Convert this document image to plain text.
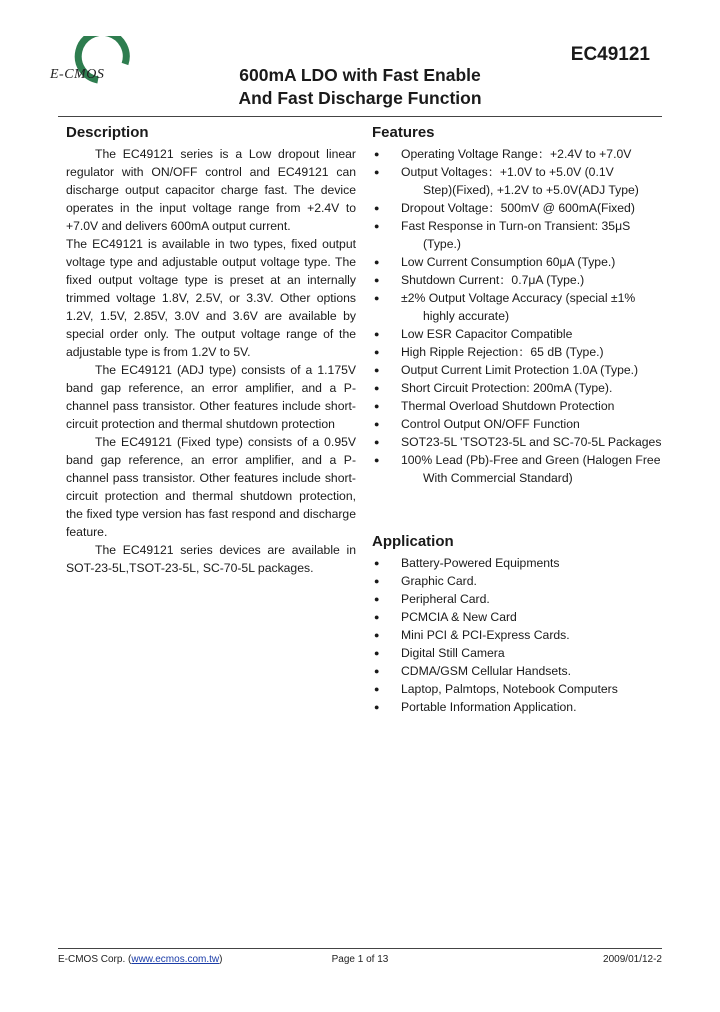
E-CMOS
EC49121
600mA LDO with Fast Enable
And Fast Discharge Function
Description

The EC49121 series is a Low dropout linear regulator with ON/OFF control and EC49121 can discharge output capacitor charge fast. The device operates in the input voltage range from +2.4V to +7.0V and delivers 600mA output current.

The EC49121 is available in two types, fixed output voltage type and adjustable output voltage type. The fixed output voltage type is preset at an internally trimmed voltage 1.8V, 2.5V, or 3.3V. Other options 1.2V, 1.5V, 2.85V, 3.0V and 3.6V are available by special order only. The output voltage range of the adjustable type is from 1.2V to 5V.

The EC49121 (ADJ type) consists of a 1.175V band gap reference, an error amplifier, and a P-channel pass transistor. Other features include short-circuit protection and thermal shutdown protection

The EC49121 (Fixed type) consists of a 0.95V band gap reference, an error amplifier, and a P-channel pass transistor. Other features include short-circuit protection and thermal shutdown protection, the fixed type version has fast respond and discharge feature.

The EC49121 series devices are available in SOT-23-5L,TSOT-23-5L, SC-70-5L packages.

Features
● Operating Voltage Range：+2.4V to +7.0V
● Output Voltages：+1.0V to +5.0V (0.1V
Step)(Fixed), +1.2V to +5.0V(ADJ Type)
● Dropout Voltage：500mV @ 600mA(Fixed)
● Fast Response in Turn-on Transient: 35μS
(Type.)
● Low Current Consumption 60μA (Type.)
● Shutdown Current：0.7μA (Type.)
● ±2% Output Voltage Accuracy (special ±1%
highly accurate)
● Low ESR Capacitor Compatible
● High Ripple Rejection：65 dB (Type.)
● Output Current Limit Protection 1.0A (Type.)
● Short Circuit Protection: 200mA (Type).
● Thermal Overload Shutdown Protection
● Control Output ON/OFF Function
● SOT23-5L 'TSOT23-5L and SC-70-5L Packages
● 100% Lead (Pb)-Free and Green (Halogen Free
With Commercial Standard)
Application
● Battery-Powered Equipments
● Graphic Card.
● Peripheral Card.
● PCMCIA & New Card
● Mini PCI & PCI-Express Cards.
● Digital Still Camera
● CDMA/GSM Cellular Handsets.
● Laptop, Palmtops, Notebook Computers
● Portable Information Application.
E-CMOS Corp. (www.ecmos.com.tw)	Page 1 of 13	2009/01/12-2
